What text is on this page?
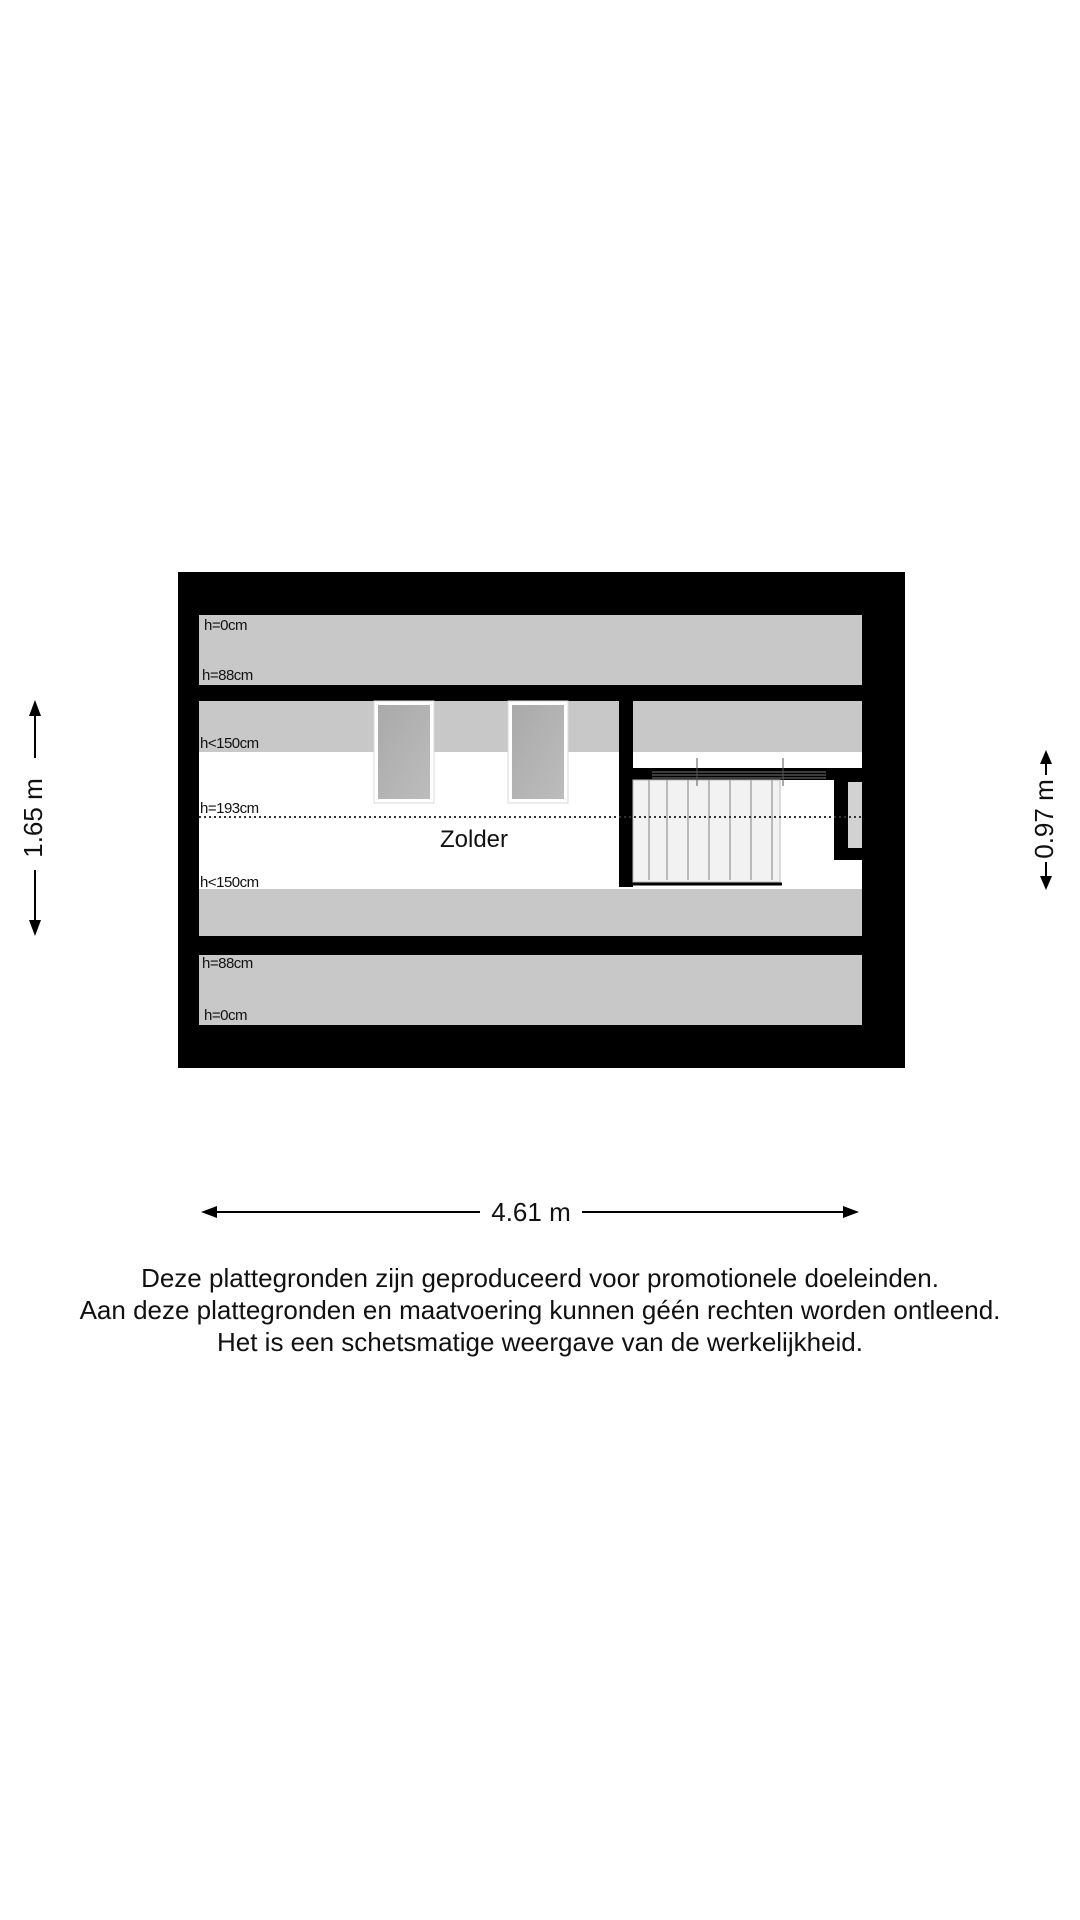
h=0cm
h=88cm
h<150cm
h=193cm
h<150cm
h=88cm
h=0cm
Zolder
1.65 m	0.97 m
4.61 m
Deze plattegronden zijn geproduceerd voor promotionele doeleinden.
Aan deze plattegronden en maatvoering kunnen géén rechten worden ontleend.
Het is een schetsmatige weergave van de werkelijkheid.
